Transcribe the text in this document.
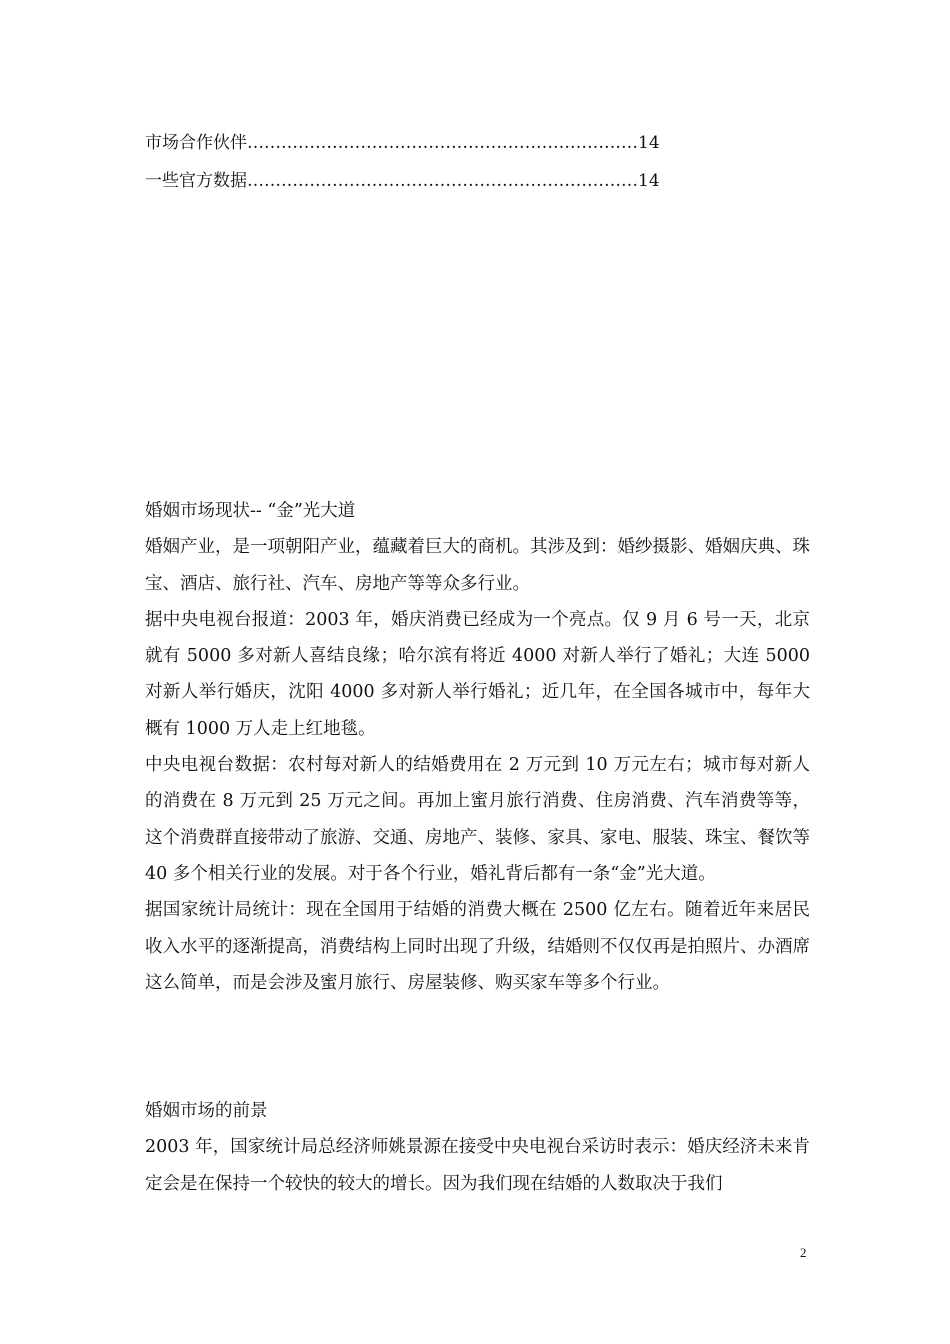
市场合作伙伴……………………………………………………………14
一些官方数据……………………………………………………………14

婚姻市场现状-- “金”光大道

婚姻产业，是一项朝阳产业，蕴藏着巨大的商机。其涉及到：婚纱摄影、婚姻庆典、珠宝、酒店、旅行社、汽车、房地产等等众多行业。

据中央电视台报道：2003 年，婚庆消费已经成为一个亮点。仅 9 月 6 号一天，北京就有 5000 多对新人喜结良缘；哈尔滨有将近 4000 对新人举行了婚礼；大连 5000 对新人举行婚庆，沈阳 4000 多对新人举行婚礼；近几年，在全国各城市中，每年大概有 1000 万人走上红地毯。

中央电视台数据：农村每对新人的结婚费用在 2 万元到 10 万元左右；城市每对新人的消费在 8 万元到 25 万元之间。再加上蜜月旅行消费、住房消费、汽车消费等等，这个消费群直接带动了旅游、交通、房地产、装修、家具、家电、服装、珠宝、餐饮等 40 多个相关行业的发展。对于各个行业，婚礼背后都有一条“金”光大道。

据国家统计局统计：现在全国用于结婚的消费大概在 2500 亿左右。随着近年来居民收入水平的逐渐提高，消费结构上同时出现了升级，结婚则不仅仅再是拍照片、办酒席这么简单，而是会涉及蜜月旅行、房屋装修、购买家车等多个行业。

婚姻市场的前景

2003 年，国家统计局总经济师姚景源在接受中央电视台采访时表示：婚庆经济未来肯定会是在保持一个较快的较大的增长。因为我们现在结婚的人数取决于我们

2
